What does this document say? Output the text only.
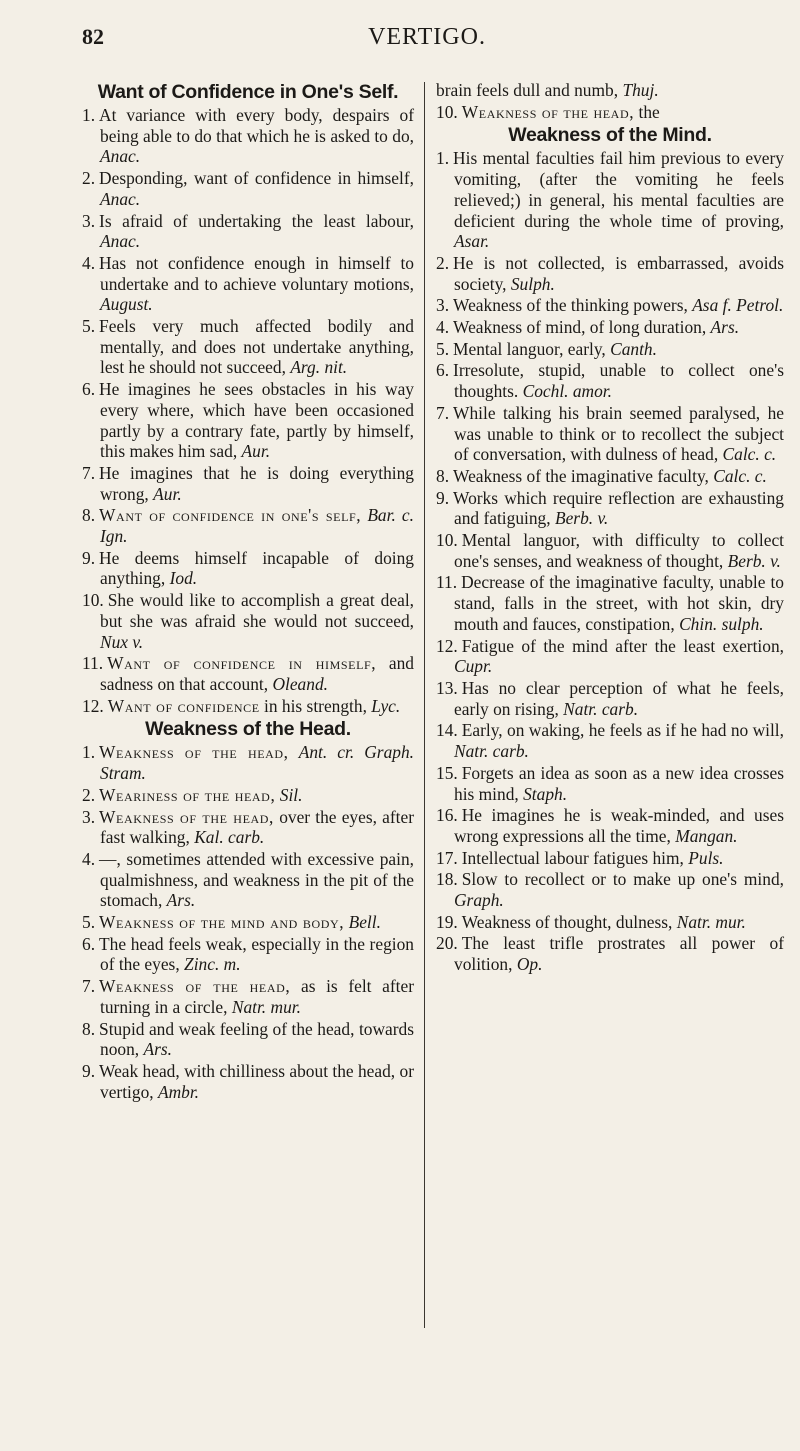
82	VERTIGO.
Want of Confidence in One's Self.

1. At variance with every body, despairs of being able to do that which he is asked to do, Anac.

2. Desponding, want of confidence in himself, Anac.

3. Is afraid of undertaking the least labour, Anac.

4. Has not confidence enough in himself to undertake and to achieve voluntary motions, August.

5. Feels very much affected bodily and mentally, and does not undertake anything, lest he should not succeed, Arg. nit.

6. He imagines he sees obstacles in his way every where, which have been occasioned partly by a contrary fate, partly by himself, this makes him sad, Aur.

7. He imagines that he is doing everything wrong, Aur.

8. Want of confidence in one's self, Bar. c. Ign.

9. He deems himself incapable of doing anything, Iod.

10. She would like to accomplish a great deal, but she was afraid she would not succeed, Nux v.

11. Want of confidence in himself, and sadness on that account, Oleand.

12. Want of confidence in his strength, Lyc.

Weakness of the Head.

1. Weakness of the head, Ant. cr. Graph. Stram.

2. Weariness of the head, Sil.

3. Weakness of the head, over the eyes, after fast walking, Kal. carb.

4. —, sometimes attended with excessive pain, qualmishness, and weakness in the pit of the stomach, Ars.

5. Weakness of the mind and body, Bell.

6. The head feels weak, especially in the region of the eyes, Zinc. m.

7. Weakness of the head, as is felt after turning in a circle, Natr. mur.

8. Stupid and weak feeling of the head, towards noon, Ars.

9. Weak head, with chilliness about the head, or vertigo, Ambr.

brain feels dull and numb, Thuj.

10. Weakness of the head, the

Weakness of the Mind.

1. His mental faculties fail him previous to every vomiting, (after the vomiting he feels relieved;) in general, his mental faculties are deficient during the whole time of proving, Asar.

2. He is not collected, is embarrassed, avoids society, Sulph.

3. Weakness of the thinking powers, Asa f. Petrol.

4. Weakness of mind, of long duration, Ars.

5. Mental languor, early, Canth.

6. Irresolute, stupid, unable to collect one's thoughts. Cochl. amor.

7. While talking his brain seemed paralysed, he was unable to think or to recollect the subject of conversation, with dulness of head, Calc. c.

8. Weakness of the imaginative faculty, Calc. c.

9. Works which require reflection are exhausting and fatiguing, Berb. v.

10. Mental languor, with difficulty to collect one's senses, and weakness of thought, Berb. v.

11. Decrease of the imaginative faculty, unable to stand, falls in the street, with hot skin, dry mouth and fauces, constipation, Chin. sulph.

12. Fatigue of the mind after the least exertion, Cupr.

13. Has no clear perception of what he feels, early on rising, Natr. carb.

14. Early, on waking, he feels as if he had no will, Natr. carb.

15. Forgets an idea as soon as a new idea crosses his mind, Staph.

16. He imagines he is weak-minded, and uses wrong expressions all the time, Mangan.

17. Intellectual labour fatigues him, Puls.

18. Slow to recollect or to make up one's mind, Graph.

19. Weakness of thought, dulness, Natr. mur.

20. The least trifle prostrates all power of volition, Op.
